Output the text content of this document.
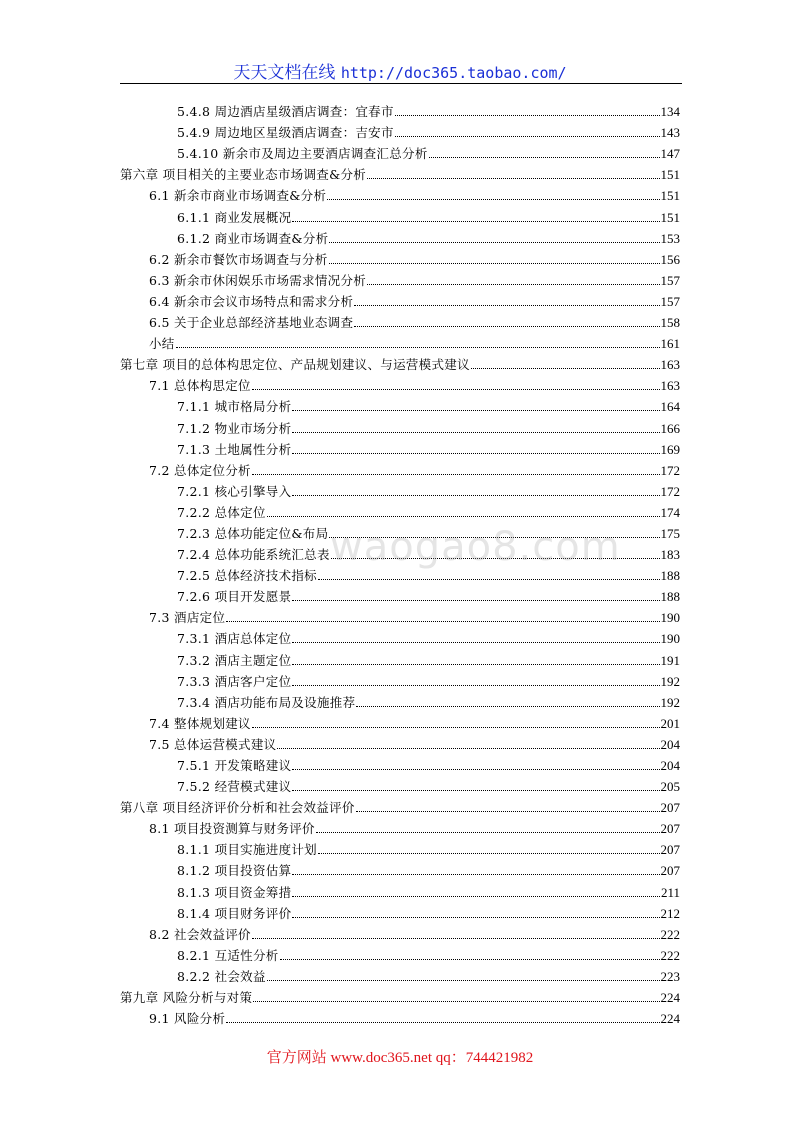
天天文档在线 http://doc365.taobao.com/
5.4.8 周边酒店星级酒店调查：宜春市	134
5.4.9 周边地区星级酒店调查：吉安市	143
5.4.10 新余市及周边主要酒店调查汇总分析	147
第六章 项目相关的主要业态市场调查&分析	151
6.1 新余市商业市场调查&分析	151
6.1.1 商业发展概况	151
6.1.2 商业市场调查&分析	153
6.2 新余市餐饮市场调查与分析	156
6.3 新余市休闲娱乐市场需求情况分析	157
6.4 新余市会议市场特点和需求分析	157
6.5 关于企业总部经济基地业态调查	158
小结	161
第七章 项目的总体构思定位、产品规划建议、与运营模式建议	163
7.1 总体构思定位	163
7.1.1 城市格局分析	164
7.1.2 物业市场分析	166
7.1.3 土地属性分析	169
7.2 总体定位分析	172
7.2.1 核心引擎导入	172
7.2.2 总体定位	174
7.2.3 总体功能定位&布局	175
7.2.4 总体功能系统汇总表	183
7.2.5 总体经济技术指标	188
7.2.6 项目开发愿景	188
7.3 酒店定位	190
7.3.1 酒店总体定位	190
7.3.2 酒店主题定位	191
7.3.3 酒店客户定位	192
7.3.4 酒店功能布局及设施推荐	192
7.4 整体规划建议	201
7.5 总体运营模式建议	204
7.5.1 开发策略建议	204
7.5.2 经营模式建议	205
第八章 项目经济评价分析和社会效益评价	207
8.1 项目投资测算与财务评价	207
8.1.1 项目实施进度计划	207
8.1.2 项目投资估算	207
8.1.3 项目资金筹措	211
8.1.4 项目财务评价	212
8.2 社会效益评价	222
8.2.1 互适性分析	222
8.2.2 社会效益	223
第九章 风险分析与对策	224
9.1 风险分析	224
waogao8.com
官方网站 www.doc365.net qq：744421982
